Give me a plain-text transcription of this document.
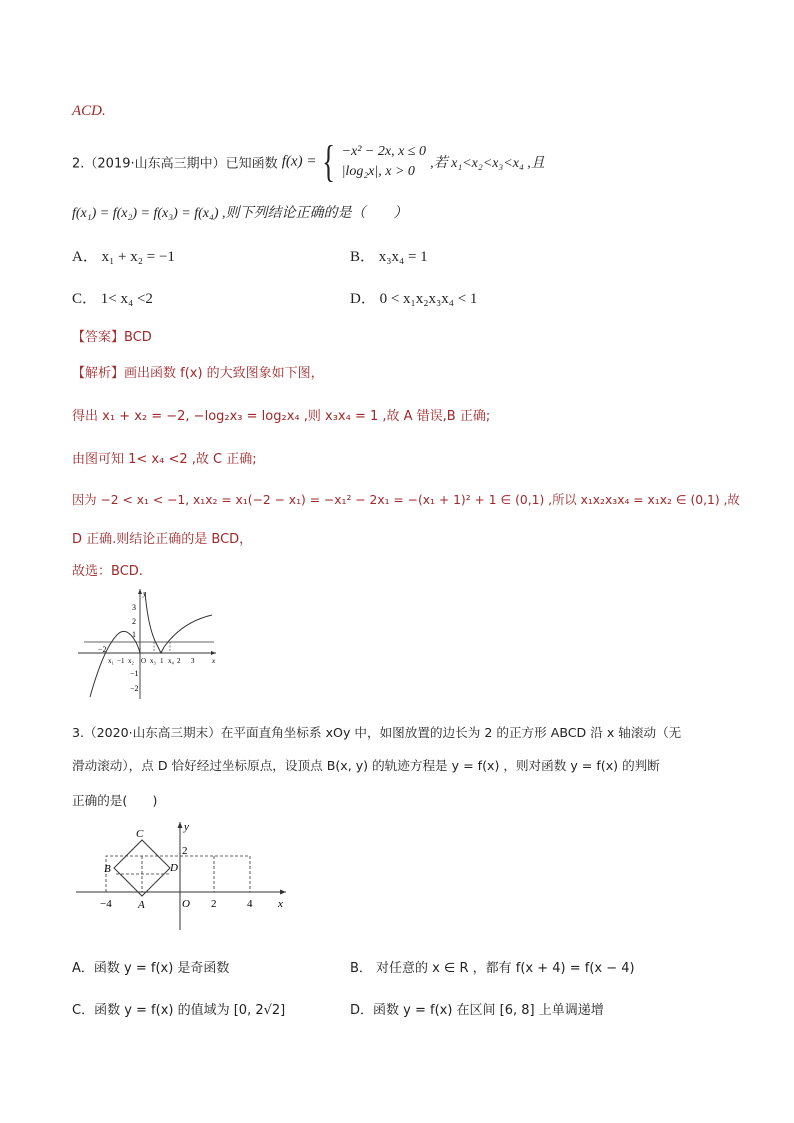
ACD.
2.（2019·山东高三期中）已知函数 f(x) = { −x² − 2x, x ≤ 0
|log₂x|, x > 0 ,若 x₁<x₂<x₃<x₄ ,且
f(x₁) = f(x₂) = f(x₃) = f(x₄) ,则下列结论正确的是（　　）
A． x₁ + x₂ = −1	B． x₃x₄ = 1
C． 1< x₄ <2	D． 0 < x₁x₂x₃x₄ < 1
【答案】BCD
【解析】画出函数 f(x) 的大致图象如下图，
得出 x₁ + x₂ = −2, −log₂x₃ = log₂x₄ ,则 x₃x₄ = 1 ,故 A 错误,B 正确;
由图可知 1< x₄ <2 ,故 C 正确;
因为 −2 < x₁ < −1, x₁x₂ = x₁(−2 − x₁) = −x₁² − 2x₁ = −(x₁ + 1)² + 1 ∈ (0,1) ,所以 x₁x₂x₃x₄ = x₁x₂ ∈ (0,1) ,故
D 正确.则结论正确的是 BCD，
故选：BCD.
3
2
1
−1
−2
−2
x₁ −1 x₂ O x₃ 1 x₄ 2 3	x
y
3.（2020·山东高三期末）在平面直角坐标系 xOy 中，如图放置的边长为 2 的正方形 ABCD 沿 x 轴滚动（无
滑动滚动），点 D 恰好经过坐标原点，设顶点 B(x, y) 的轨迹方程是 y = f(x) ，则对函数 y = f(x) 的判断
正确的是(　　)
C
B	D
A	O
2
−4	2	4 x
y
A．函数 y = f(x) 是奇函数	B． 对任意的 x ∈ R ，都有 f(x + 4) = f(x − 4)
C．函数 y = f(x) 的值域为 [0, 2√2]	D．函数 y = f(x) 在区间 [6, 8] 上单调递增
